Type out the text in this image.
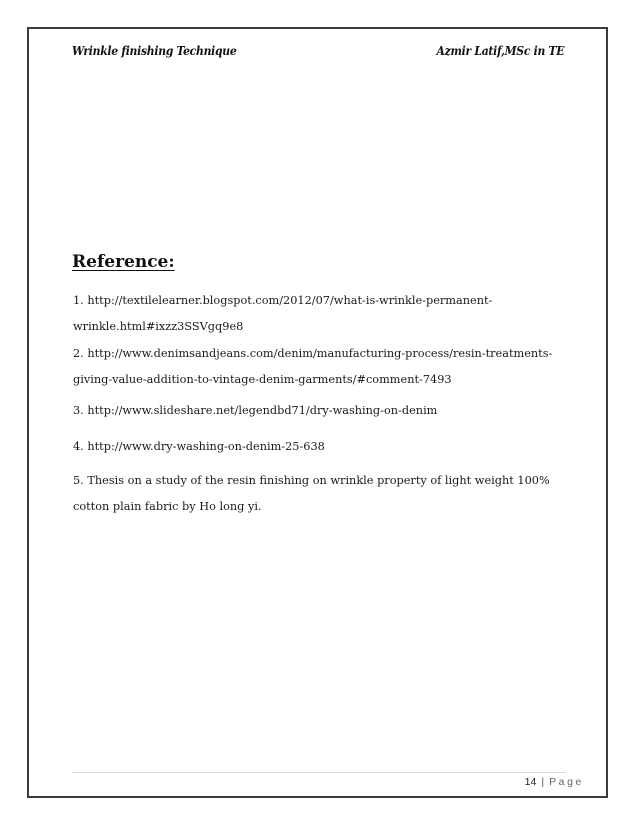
Wrinkle finishing Technique	Azmir Latif,MSc in TE
Reference:

1. http://textilelearner.blogspot.com/2012/07/what-is-wrinkle-permanent-wrinkle.html#ixzz3SSVgq9e8

2. http://www.denimsandjeans.com/denim/manufacturing-process/resin-treatments-giving-value-addition-to-vintage-denim-garments/#comment-7493

3. http://www.slideshare.net/legendbd71/dry-washing-on-denim

4. http://www.dry-washing-on-denim-25-638

5. Thesis on a study of the resin finishing on wrinkle property of light weight 100% cotton plain fabric by Ho long yi.

14 | Page
